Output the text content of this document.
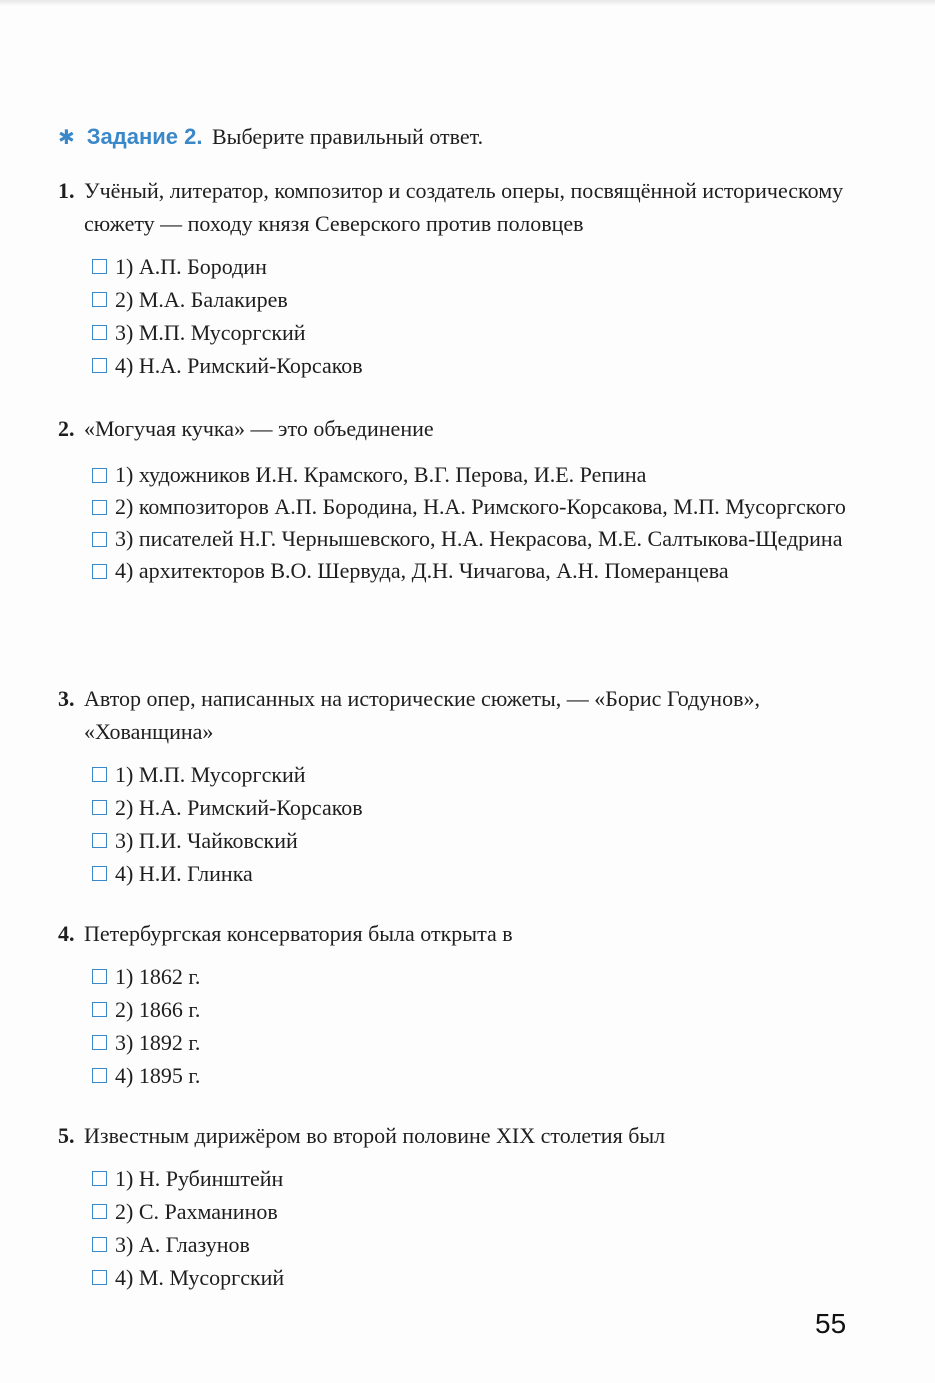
✱ Задание 2. Выберите правильный ответ.
1. Учёный, литератор, композитор и создатель оперы, посвящённой историческому сюжету — походу князя Северского против половцев
1) А.П. Бородин
2) М.А. Балакирев
3) М.П. Мусоргский
4) Н.А. Римский-Корсаков
2. «Могучая кучка» — это объединение
1) художников И.Н. Крамского, В.Г. Перова, И.Е. Репина
2) композиторов А.П. Бородина, Н.А. Римского-Корсакова, М.П. Мусоргского
3) писателей Н.Г. Чернышевского, Н.А. Некрасова, М.Е. Салтыкова-Щедрина
4) архитекторов В.О. Шервуда, Д.Н. Чичагова, А.Н. Померанцева
3. Автор опер, написанных на исторические сюжеты, — «Борис Годунов», «Хованщина»
1) М.П. Мусоргский
2) Н.А. Римский-Корсаков
3) П.И. Чайковский
4) Н.И. Глинка
4. Петербургская консерватория была открыта в
1) 1862 г.
2) 1866 г.
3) 1892 г.
4) 1895 г.
5. Известным дирижёром во второй половине XIX столетия был
1) Н. Рубинштейн
2) С. Рахманинов
3) А. Глазунов
4) М. Мусоргский
55
